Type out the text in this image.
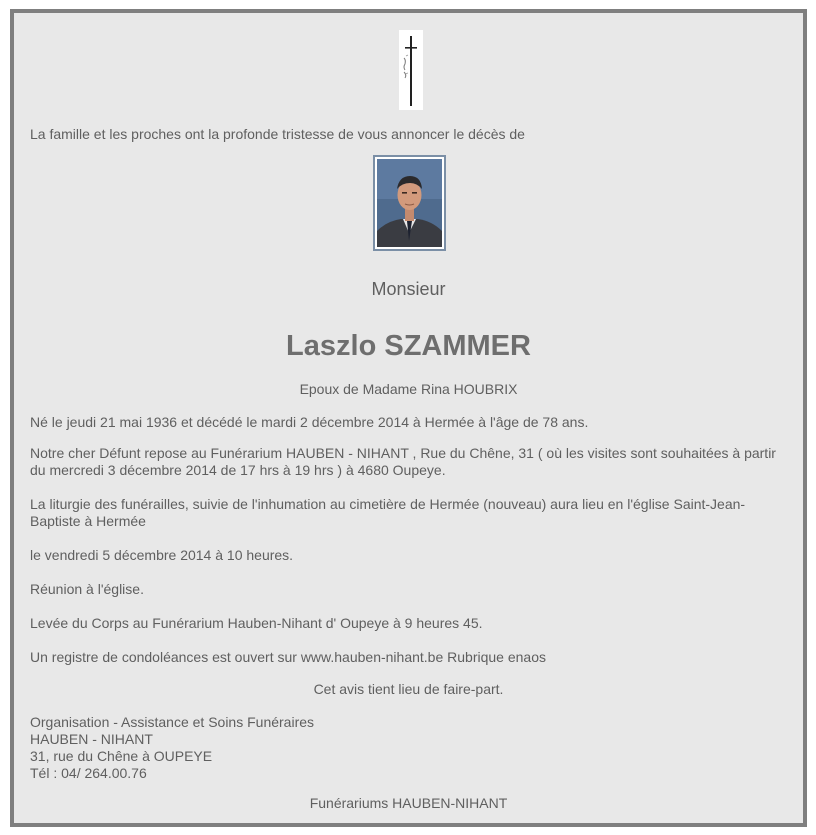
La famille et les proches ont la profonde tristesse de vous annoncer le décès de

Monsieur

Laszlo SZAMMER

Epoux de Madame Rina HOUBRIX

Né le jeudi 21 mai 1936 et décédé le mardi 2 décembre 2014 à Hermée à l'âge de 78 ans.

Notre cher Défunt repose au Funérarium HAUBEN - NIHANT , Rue du Chêne, 31 ( où les visites sont souhaitées à partir du mercredi 3 décembre 2014 de 17 hrs à 19 hrs ) à 4680 Oupeye.

La liturgie des funérailles, suivie de l'inhumation au cimetière de Hermée (nouveau) aura lieu en l'église Saint-Jean-Baptiste à Hermée

le vendredi 5 décembre 2014 à 10 heures.

Réunion à l'église.

Levée du Corps au Funérarium Hauben-Nihant d' Oupeye à 9 heures 45.

Un registre de condoléances est ouvert sur www.hauben-nihant.be Rubrique enaos

Cet avis tient lieu de faire-part.

Organisation - Assistance et Soins Funéraires
HAUBEN - NIHANT
31, rue du Chêne à OUPEYE
Tél : 04/ 264.00.76

Funérariums HAUBEN-NIHANT
